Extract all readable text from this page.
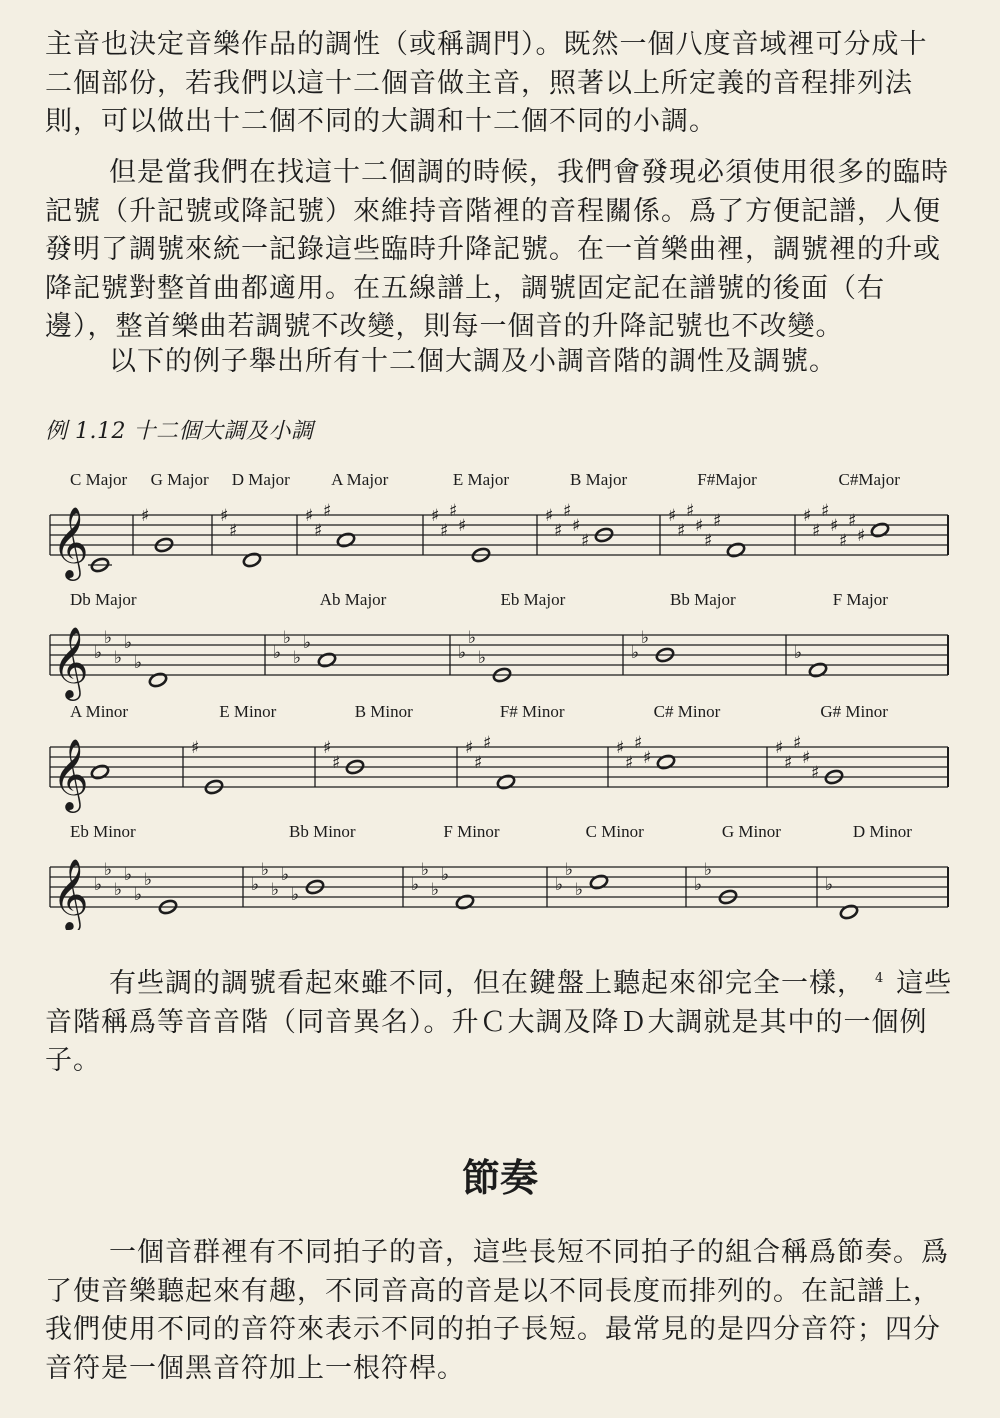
主音也決定音樂作品的調性（或稱調門）。既然一個八度音域裡可分成十
二個部份，若我們以這十二個音做主音，照著以上所定義的音程排列法
則，可以做出十二個不同的大調和十二個不同的小調。
但是當我們在找這十二個調的時候，我們會發現必須使用很多的臨時
記號（升記號或降記號）來維持音階裡的音程關係。爲了方便記譜，人便
發明了調號來統一記錄這些臨時升降記號。在一首樂曲裡，調號裡的升或
降記號對整首曲都適用。在五線譜上，調號固定記在譜號的後面（右
邊），整首樂曲若調號不改變，則每一個音的升降記號也不改變。
以下的例子舉出所有十二個大調及小調音階的調性及調號。
例 1.12 十二個大調及小調
𝄞
C Major
♯
G Major
♯
♯
D Major
♯
♯
♯
A Major
♯
♯
♯
♯
E Major
♯
♯
♯
♯
♯
B Major
♯
♯
♯
♯
♯
♯
F#Major
♯
♯
♯
♯
♯
♯
♯
C#Major
𝄞 ♭
♭
♭
♭
♭
Db Major
♭
♭
♭
♭
Ab Major
♭
♭
♭
Eb Major
♭
♭
Bb Major
♭
F Major
𝄞
A Minor
♯
E Minor
♯
♯
B Minor
♯
♯
♯
F# Minor
♯
♯
♯
♯
C# Minor
♯
♯
♯
♯
♯
G# Minor
𝄞 ♭
♭
♭
♭
♭
♭
Eb Minor
♭
♭
♭
♭
♭
Bb Minor
♭
♭
♭
♭
F Minor
♭
♭
♭
C Minor
♭
♭
G Minor
♭
D Minor
有些調的調號看起來雖不同，但在鍵盤上聽起來卻完全一樣， $^4$ 這些
音階稱爲等音音階（同音異名）。升Ｃ大調及降Ｄ大調就是其中的一個例
子。
節奏
一個音群裡有不同拍子的音，這些長短不同拍子的組合稱爲節奏。爲
了使音樂聽起來有趣，不同音高的音是以不同長度而排列的。在記譜上，
我們使用不同的音符來表示不同的拍子長短。最常見的是四分音符；四分
音符是一個黑音符加上一根符桿。
